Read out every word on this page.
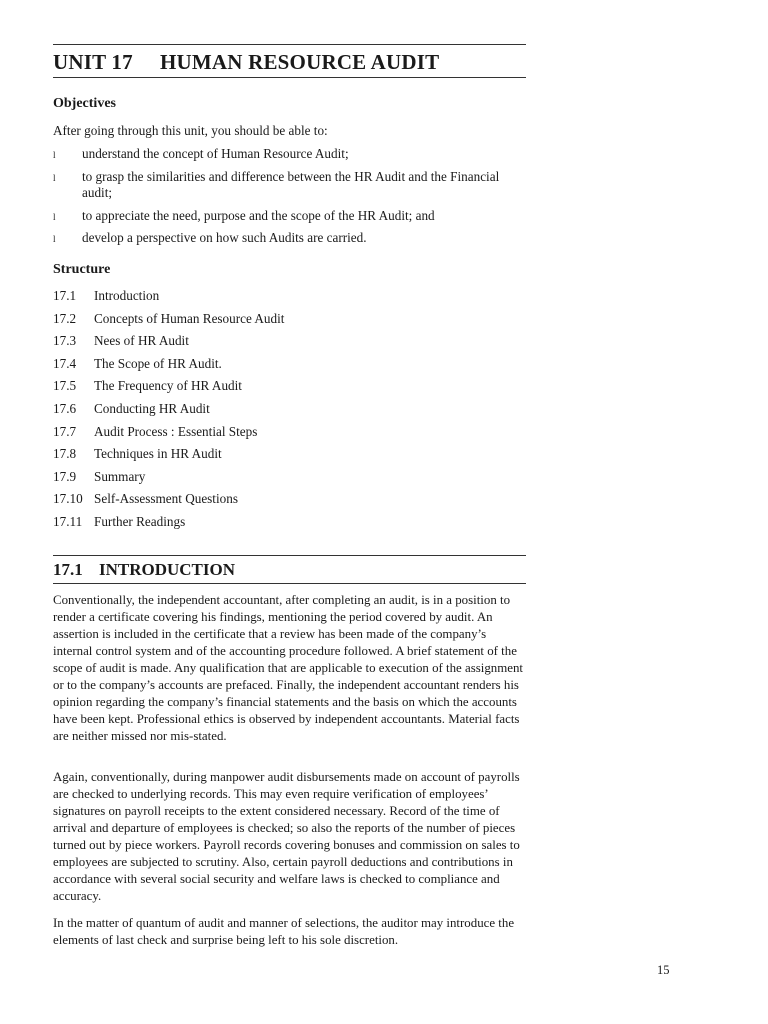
UNIT 17 HUMAN RESOURCE AUDIT
Objectives
After going through this unit, you should be able to:
l understand the concept of Human Resource Audit;
l to grasp the similarities and difference between the HR Audit and the Financial audit;
l to appreciate the need, purpose and the scope of the HR Audit; and
l develop a perspective on how such Audits are carried.
Structure
17.1 Introduction
17.2 Concepts of Human Resource Audit
17.3 Nees of HR Audit
17.4 The Scope of HR Audit.
17.5 The Frequency of HR Audit
17.6 Conducting HR Audit
17.7 Audit Process : Essential Steps
17.8 Techniques in HR Audit
17.9 Summary
17.10 Self-Assessment Questions
17.11 Further Readings
17.1 INTRODUCTION

Conventionally, the independent accountant, after completing an audit, is in a position to render a certificate covering his findings, mentioning the period covered by audit. An assertion is included in the certificate that a review has been made of the company’s internal control system and of the accounting procedure followed. A brief statement of the scope of audit is made. Any qualification that are applicable to execution of the assignment or to the company’s accounts are prefaced. Finally, the independent accountant renders his opinion regarding the company’s financial statements and the basis on which the accounts have been kept. Professional ethics is observed by independent accountants. Material facts are neither missed nor mis-stated.

Again, conventionally, during manpower audit disbursements made on account of payrolls are checked to underlying records. This may even require verification of employees’ signatures on payroll receipts to the extent considered necessary. Record of the time of arrival and departure of employees is checked; so also the reports of the number of pieces turned out by piece workers. Payroll records covering bonuses and commission on sales to employees are subjected to scrutiny. Also, certain payroll deductions and contributions in accordance with several social security and welfare laws is checked to compliance and accuracy.

In the matter of quantum of audit and manner of selections, the auditor may introduce the elements of last check and surprise being left to his sole discretion.

15
